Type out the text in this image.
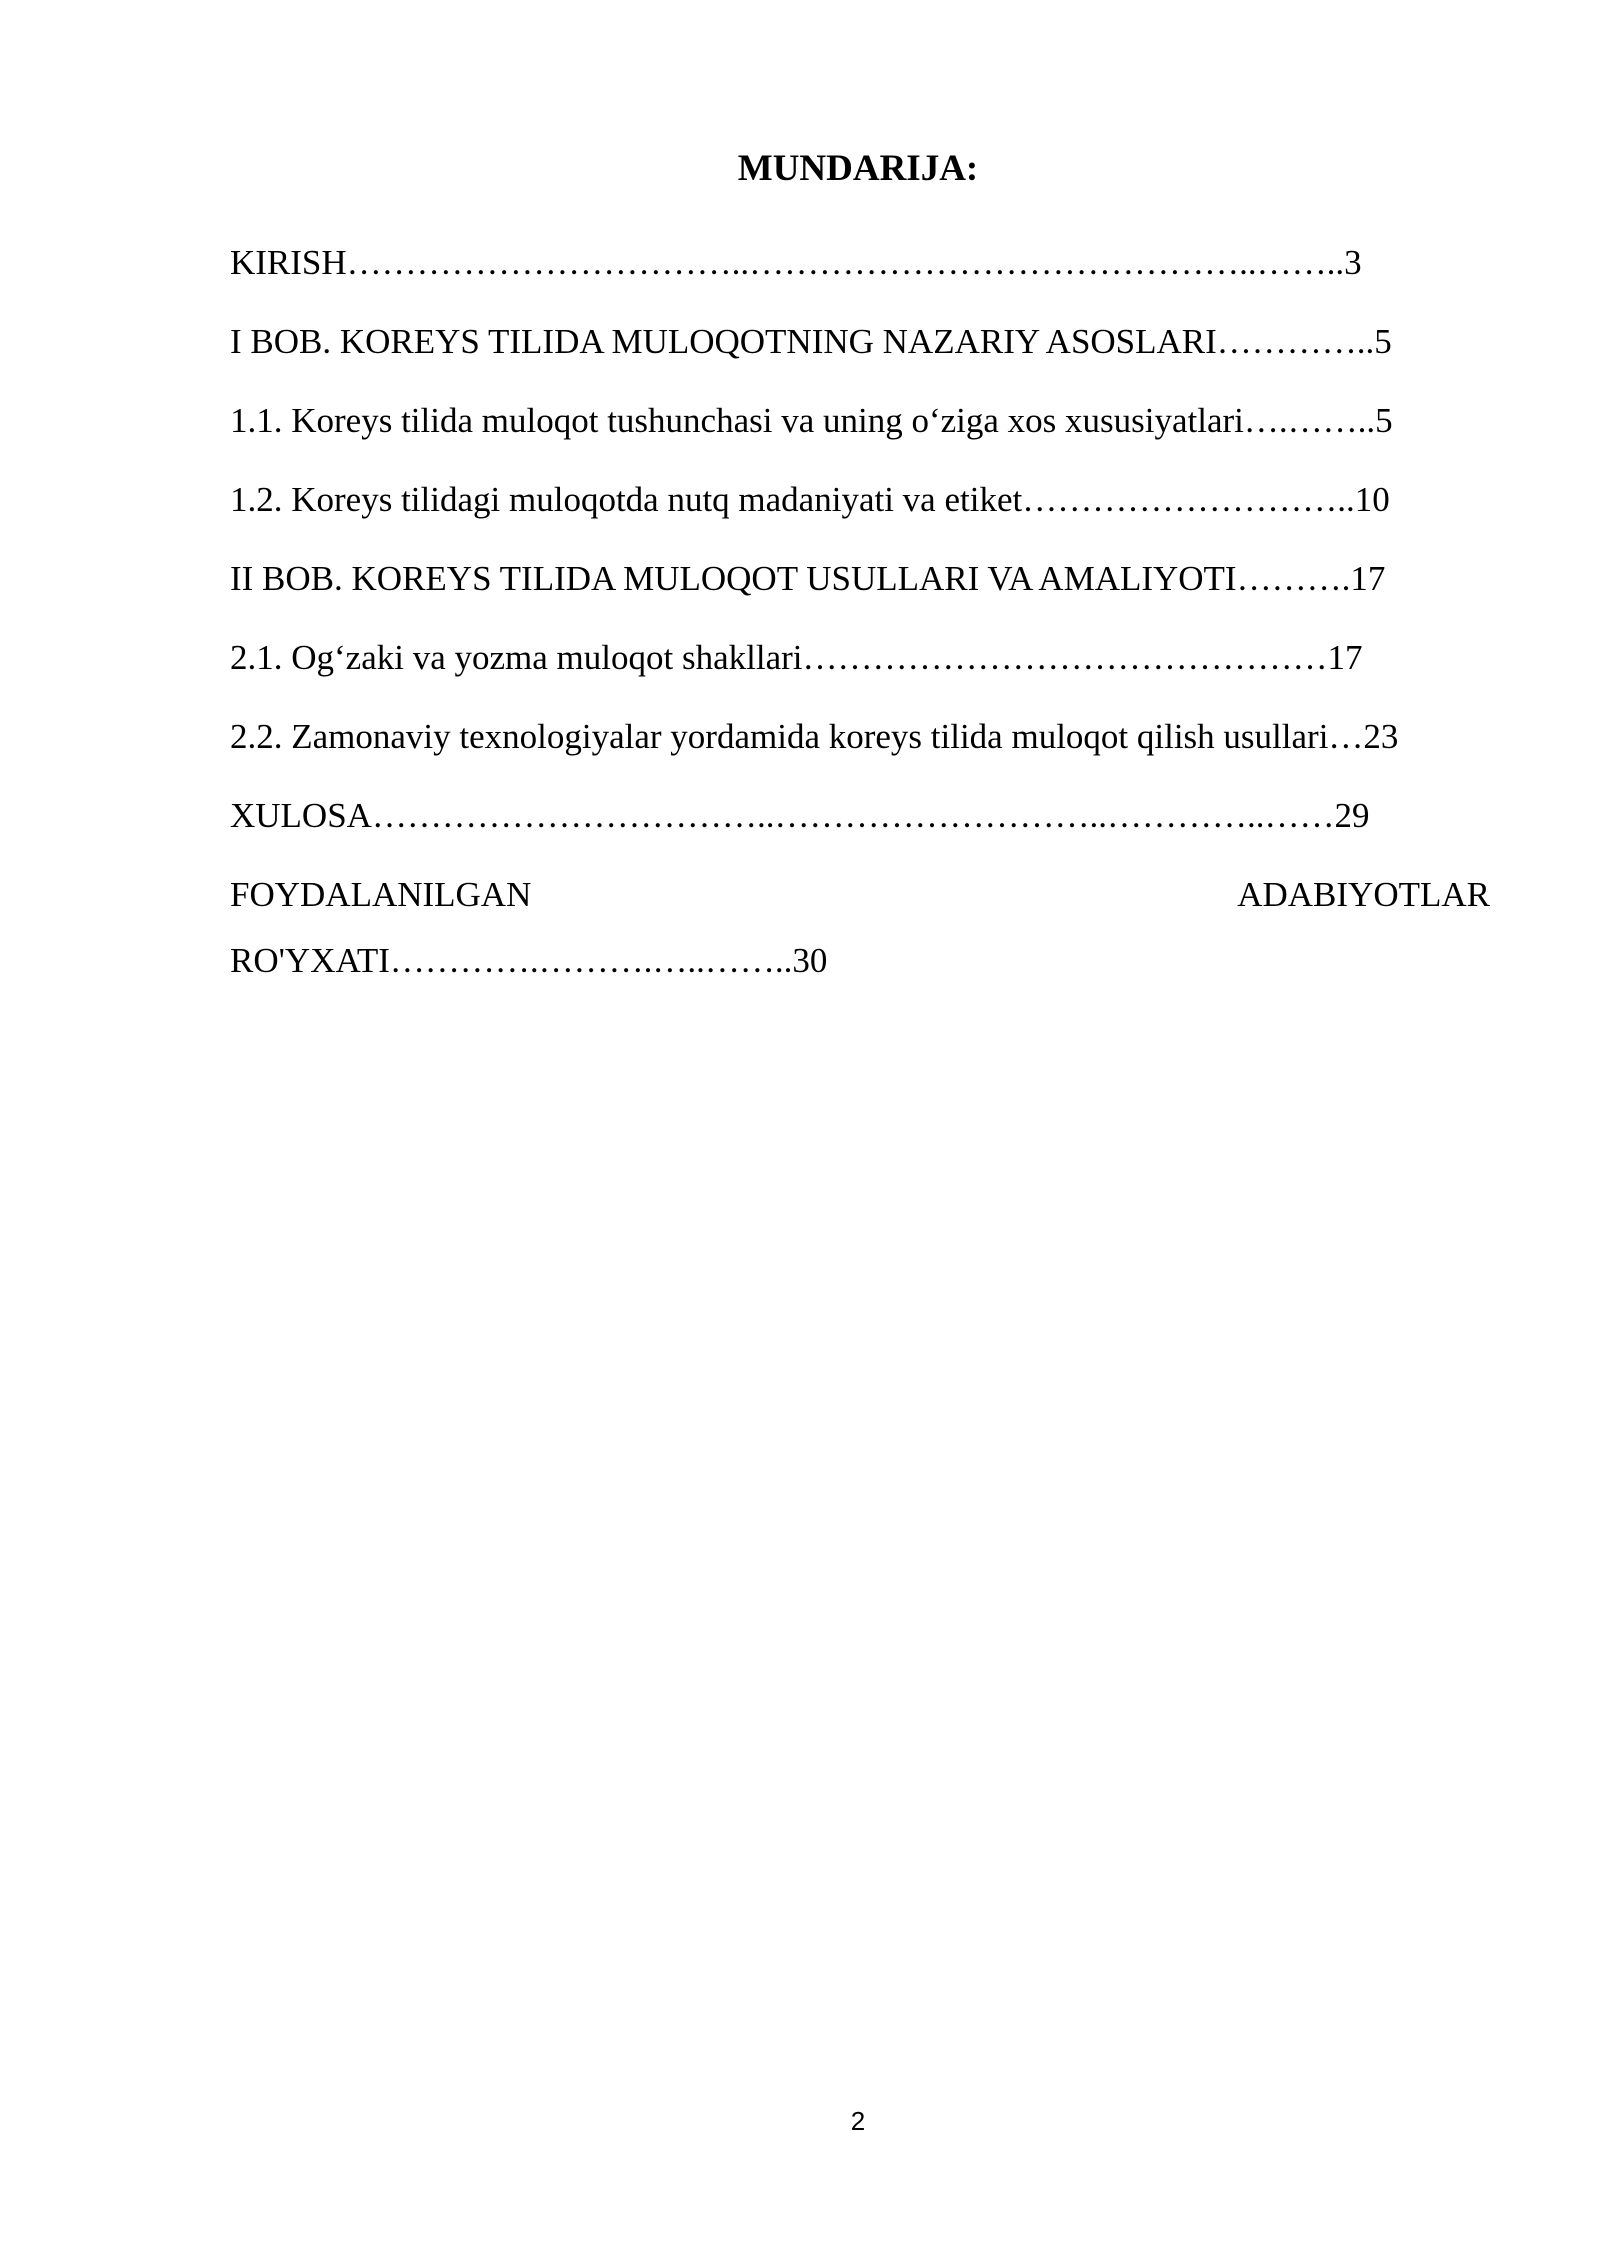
MUNDARIJA:
KIRISH……………………………..……………………………………..……..3
I BOB. KOREYS TILIDA MULOQOTNING NAZARIY ASOSLARI…………..5
1.1. Koreys tilida muloqot tushunchasi va uning o‘ziga xos xususiyatlari….……..5
1.2. Koreys tilidagi muloqotda nutq madaniyati va etiket………………………..10
II BOB. KOREYS TILIDA MULOQOT USULLARI VA AMALIYOTI……….17
2.1. Og‘zaki va yozma muloqot shakllari………………………………………17
2.2. Zamonaviy texnologiyalar yordamida koreys tilida muloqot qilish usullari…23
XULOSA……………………………..………………………..…………..……29
FOYDALANILGAN	ADABIYOTLAR
RO'YXATI………….……….…..……..30
2
